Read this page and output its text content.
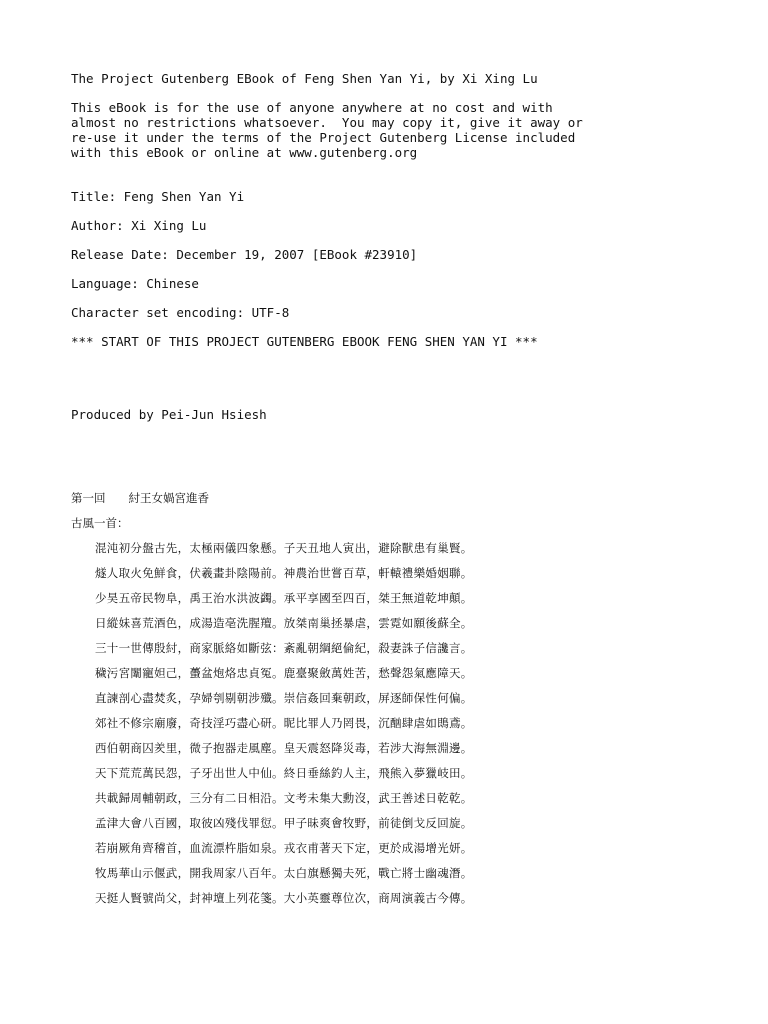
The Project Gutenberg EBook of Feng Shen Yan Yi, by Xi Xing Lu

This eBook is for the use of anyone anywhere at no cost and with

almost no restrictions whatsoever.  You may copy it, give it away or

re-use it under the terms of the Project Gutenberg License included

with this eBook or online at www.gutenberg.org

Title: Feng Shen Yan Yi

Author: Xi Xing Lu

Release Date: December 19, 2007 [EBook #23910]

Language: Chinese

Character set encoding: UTF-8

*** START OF THIS PROJECT GUTENBERG EBOOK FENG SHEN YAN YI ***

Produced by Pei-Jun Hsiesh

第一回　　紂王女媧宮進香

古風一首：

混沌初分盤古先，太極兩儀四象懸。子天丑地人寅出，避除獸患有巢賢。

燧人取火免鮮食，伏羲畫卦陰陽前。神農治世嘗百草，軒轅禮樂婚姻聯。

少昊五帝民物阜，禹王治水洪波蠲。承平享國至四百，桀王無道乾坤顛。

日縱妹喜荒酒色，成湯造亳洗腥羶。放桀南巢拯暴虐，雲霓如願後蘇全。

三十一世傳殷紂，商家脈絡如斷弦：紊亂朝綱絕倫紀，殺妻誅子信讒言。

穢污宮闈寵妲己，蠆盆炮烙忠貞冤。鹿臺聚斂萬姓苦，愁聲怨氣應障天。

直諫剖心盡焚炙，孕婦刳剔朝涉殲。崇信姦回棄朝政，屏逐師保性何偏。

郊社不修宗廟廢，奇技淫巧盡心研。昵比罪人乃罔畏，沉酗肆虐如鵖鳶。

西伯朝商囚羑里，微子抱器走風塵。皇天震怒降災毒，若涉大海無淵邊。

天下荒荒萬民怨，子牙出世人中仙。終日垂絲釣人主，飛熊入夢獵岐田。

共載歸周輔朝政，三分有二日相沿。文考未集大勳沒，武王善述日乾乾。

孟津大會八百國，取彼凶殘伐罪愆。甲子昧爽會牧野，前徒倒戈反回旋。

若崩厥角齊稽首，血流漂杵脂如泉。戎衣甫著天下定，更於成湯增光妍。

牧馬華山示偃武，開我周家八百年。太白旗懸獨夫死，戰亡將士幽魂潛。

天挺人賢號尚父，封神壇上列花箋。大小英靈尊位次，商周演義古今傳。
